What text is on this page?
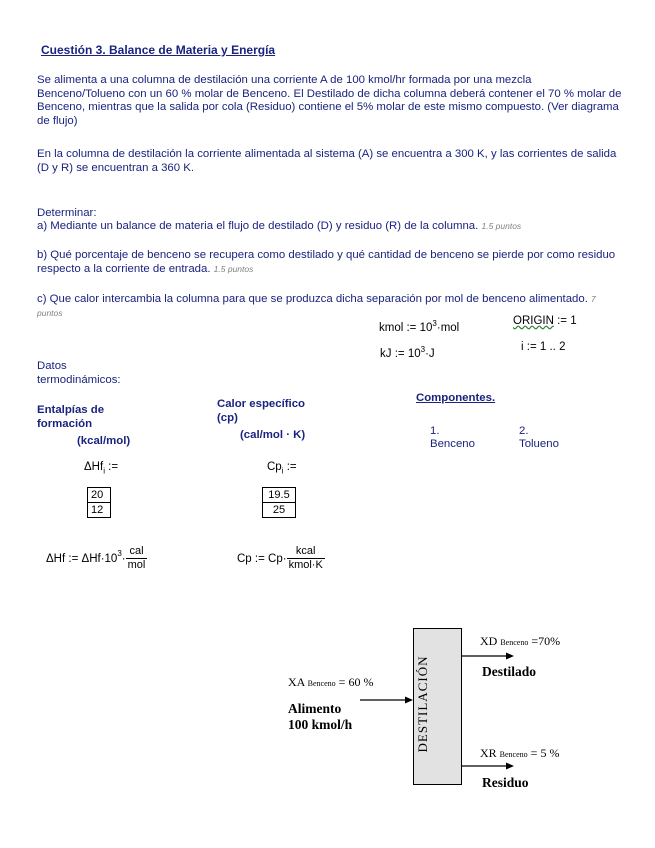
Cuestión 3. Balance de Materia y Energía
Se alimenta a una columna de destilación una corriente A de 100 kmol/hr formada por una mezcla Benceno/Tolueno con un 60 % molar de Benceno. El Destilado de dicha columna deberá contener el 70 % molar de Benceno, mientras que la salida por cola (Residuo) contiene el 5% molar de este mismo compuesto. (Ver diagrama de flujo)
En la columna de destilación la corriente alimentada al sistema (A) se encuentra a 300 K, y las corrientes de salida (D y R) se encuentran a 360 K.
Determinar:
a) Mediante un balance de materia el flujo de destilado (D) y residuo (R) de la columna. 1.5 puntos
b) Qué porcentaje de benceno se recupera como destilado y qué cantidad de benceno se pierde por como residuo respecto a la corriente de entrada. 1.5 puntos
c) Que calor intercambia la columna para que se produzca dicha separación por mol de benceno alimentado. 7 puntos
kmol := $10^3\cdot mol$
kJ := $10^3\cdot J$
ORIGIN := 1
i := 1 .. 2
Datos termodinámicos:
Entalpías de formación
(kcal/mol)
ΔHf$_i$ :=
20
12
Calor específico (cp)
(cal/mol · K)
$Cp_i$ :=
19.5
25
Componentes.
1.
Benceno
2.
Tolueno
ΔHf
:=
$\Delta Hf\cdot 10^3 \cdot \frac{\text{cal}}{\text{mol}}$	Cp
:=
$Cp\cdot \frac{\text{kcal}}{\text{kmol·K}}$
DESTILACIÓN
XA Benceno = 60 %
Alimento
100 kmol/h
XD Benceno =70%
Destilado
XR Benceno = 5 %
Residuo
